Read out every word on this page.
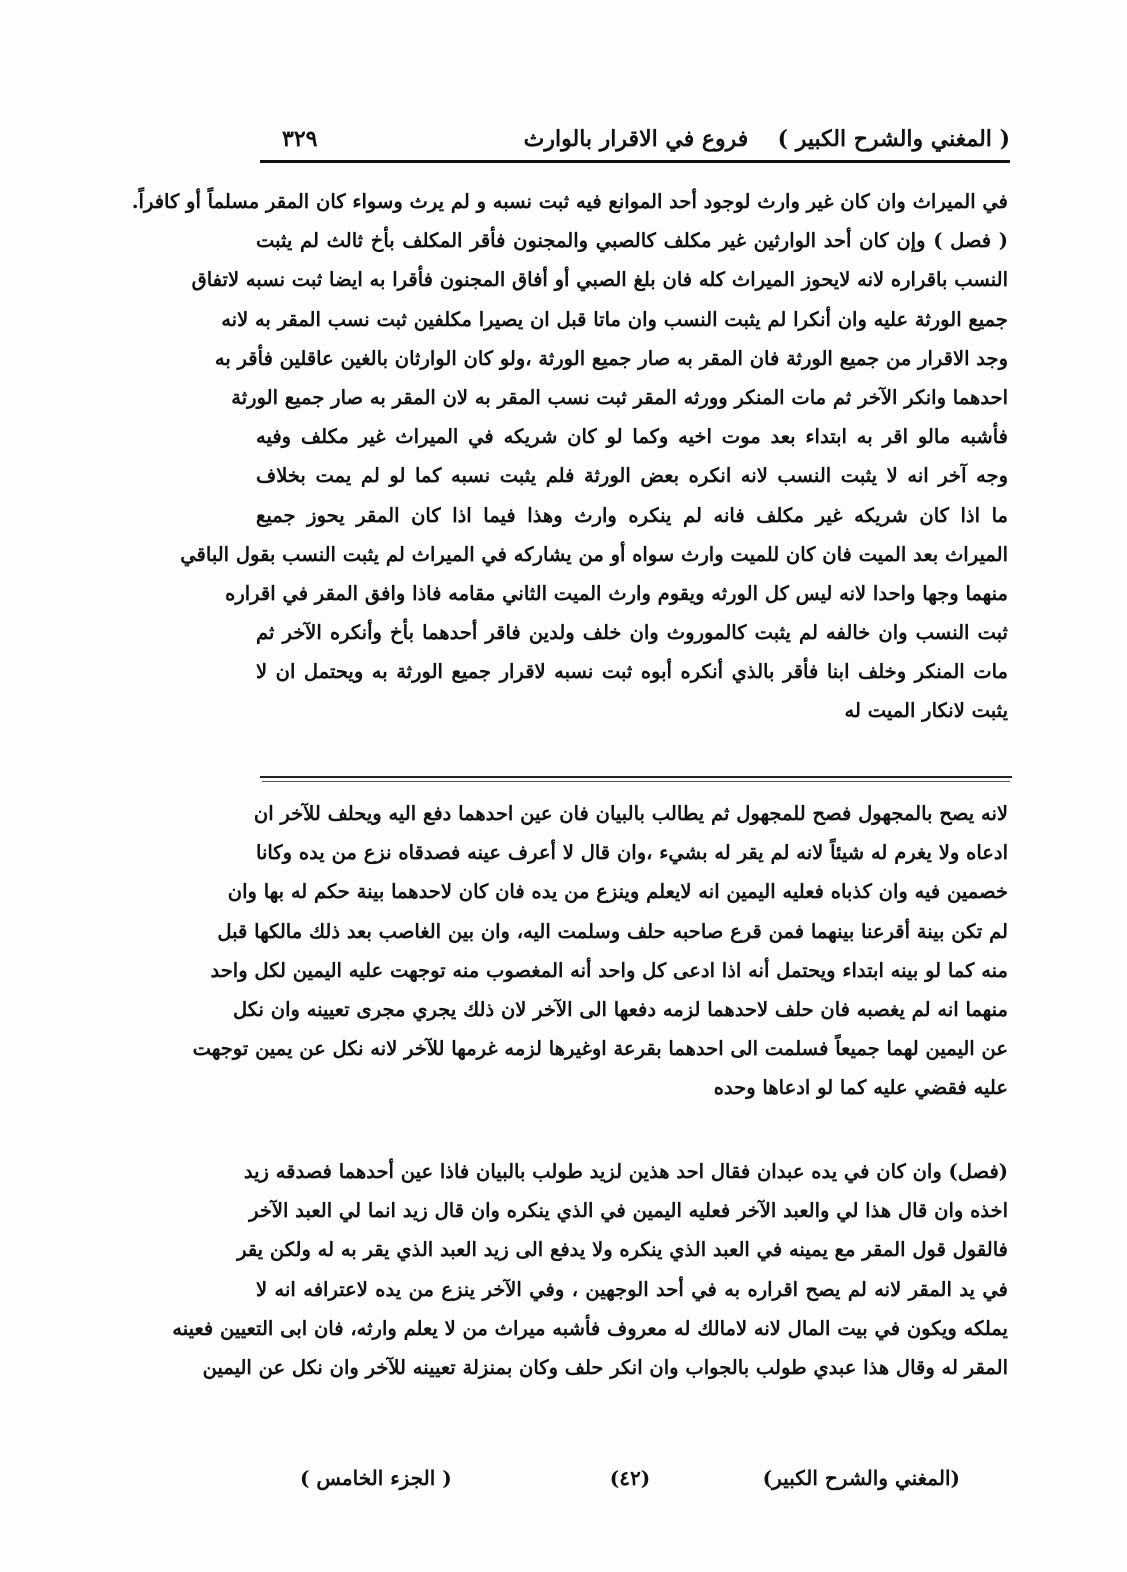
( المغني والشرح الكبير )
فروع في الاقرار بالوارث
٣٢٩
في الميراث وان كان غير وارث لوجود أحد الموانع فيه ثبت نسبه و لم يرث وسواء كان المقر مسلماً أو كافراً.
( فصل ) وإن كان أحد الوارثين غير مكلف كالصبي والمجنون فأقر المكلف بأخ ثالث لم يثبت
النسب باقراره لانه لايحوز الميراث كله فان بلغ الصبي أو أفاق المجنون فأقرا به ايضا ثبت نسبه لاتفاق
جميع الورثة عليه وان أنكرا لم يثبت النسب وان ماتا قبل ان يصيرا مكلفين ثبت نسب المقر به لانه
وجد الاقرار من جميع الورثة فان المقر به صار جميع الورثة ،ولو كان الوارثان بالغين عاقلين فأقر به
احدهما وانكر الآخر ثم مات المنكر وورثه المقر ثبت نسب المقر به لان المقر به صار جميع الورثة
فأشبه مالو اقر به ابتداء بعد موت اخيه وكما لو كان شريكه في الميراث غير مكلف وفيه
وجه آخر انه لا يثبت النسب لانه انكره بعض الورثة فلم يثبت نسبه كما لو لم يمت بخلاف
ما اذا كان شريكه غير مكلف فانه لم ينكره وارث وهذا فيما اذا كان المقر يحوز جميع
الميراث بعد الميت فان كان للميت وارث سواه أو من يشاركه في الميراث لم يثبت النسب بقول الباقي
منهما وجها واحدا لانه ليس كل الورثه ويقوم وارث الميت الثاني مقامه فاذا وافق المقر في اقراره
ثبت النسب وان خالفه لم يثبت كالموروث وان خلف ولدين فاقر أحدهما بأخ وأنكره الآخر ثم
مات المنكر وخلف ابنا فأقر بالذي أنكره أبوه ثبت نسبه لاقرار جميع الورثة به ويحتمل ان لا
يثبت لانكار الميت له
لانه يصح بالمجهول فصح للمجهول ثم يطالب بالبيان فان عين احدهما دفع اليه ويحلف للآخر ان
ادعاه ولا يغرم له شيئاً لانه لم يقر له بشيء ،وان قال لا أعرف عينه فصدقاه نزع من يده وكانا
خصمين فيه وان كذباه فعليه اليمين انه لايعلم وينزع من يده فان كان لاحدهما بينة حكم له بها وان
لم تكن بينة أقرعنا بينهما فمن قرع صاحبه حلف وسلمت اليه، وان بين الغاصب بعد ذلك مالكها قبل
منه كما لو بينه ابتداء ويحتمل أنه اذا ادعى كل واحد أنه المغصوب منه توجهت عليه اليمين لكل واحد
منهما انه لم يغصبه فان حلف لاحدهما لزمه دفعها الى الآخر لان ذلك يجري مجرى تعيينه وان نكل
عن اليمين لهما جميعاً فسلمت الى احدهما بقرعة اوغيرها لزمه غرمها للآخر لانه نكل عن يمين توجهت
عليه فقضي عليه كما لو ادعاها وحده
(فصل) وان كان في يده عبدان فقال احد هذين لزيد طولب بالبيان فاذا عين أحدهما فصدقه زيد
اخذه وان قال هذا لي والعبد الآخر فعليه اليمين في الذي ينكره وان قال زيد انما لي العبد الآخر
فالقول قول المقر مع يمينه في العبد الذي ينكره ولا يدفع الى زيد العبد الذي يقر به له ولكن يقر
في يد المقر لانه لم يصح اقراره به في أحد الوجهين ، وفي الآخر ينزع من يده لاعترافه انه لا
يملكه ويكون في بيت المال لانه لامالك له معروف فأشبه ميراث من لا يعلم وارثه، فان ابى التعيين فعينه
المقر له وقال هذا عبدي طولب بالجواب وان انكر حلف وكان بمنزلة تعيينه للآخر وان نكل عن اليمين
(المغني والشرح الكبير)
(٤٢)
( الجزء الخامس )
